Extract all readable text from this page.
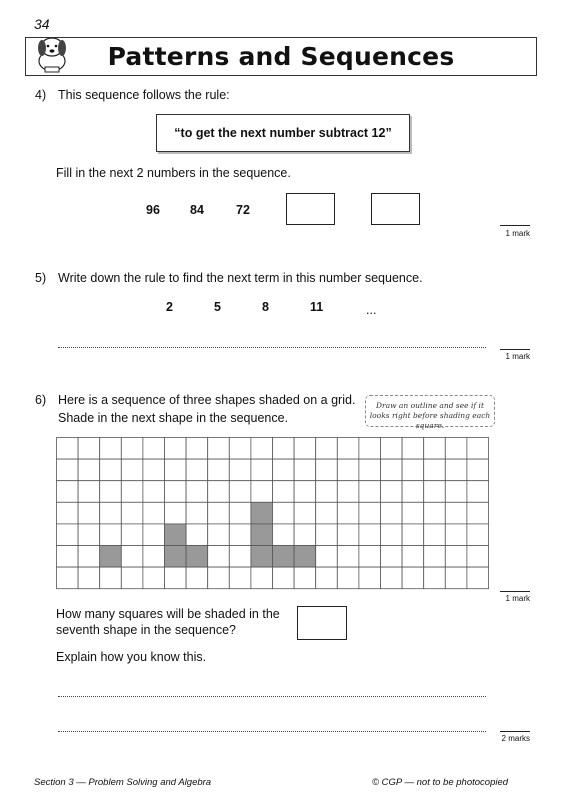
34
Patterns and Sequences
4) This sequence follows the rule:
“to get the next number subtract 12”
Fill in the next 2 numbers in the sequence.
96 84	72
1 mark
5) Write down the rule to find the next term in this number sequence.
2	5	8	11	...
1 mark
6) Here is a sequence of three shapes shaded on a grid.
Shade in the next shape in the sequence.
Draw an outline and see if it looks right before shading each square.
1 mark
How many squares will be shaded in the
seventh shape in the sequence?
Explain how you know this.
2 marks
Section 3 — Problem Solving and Algebra	© CGP — not to be photocopied
